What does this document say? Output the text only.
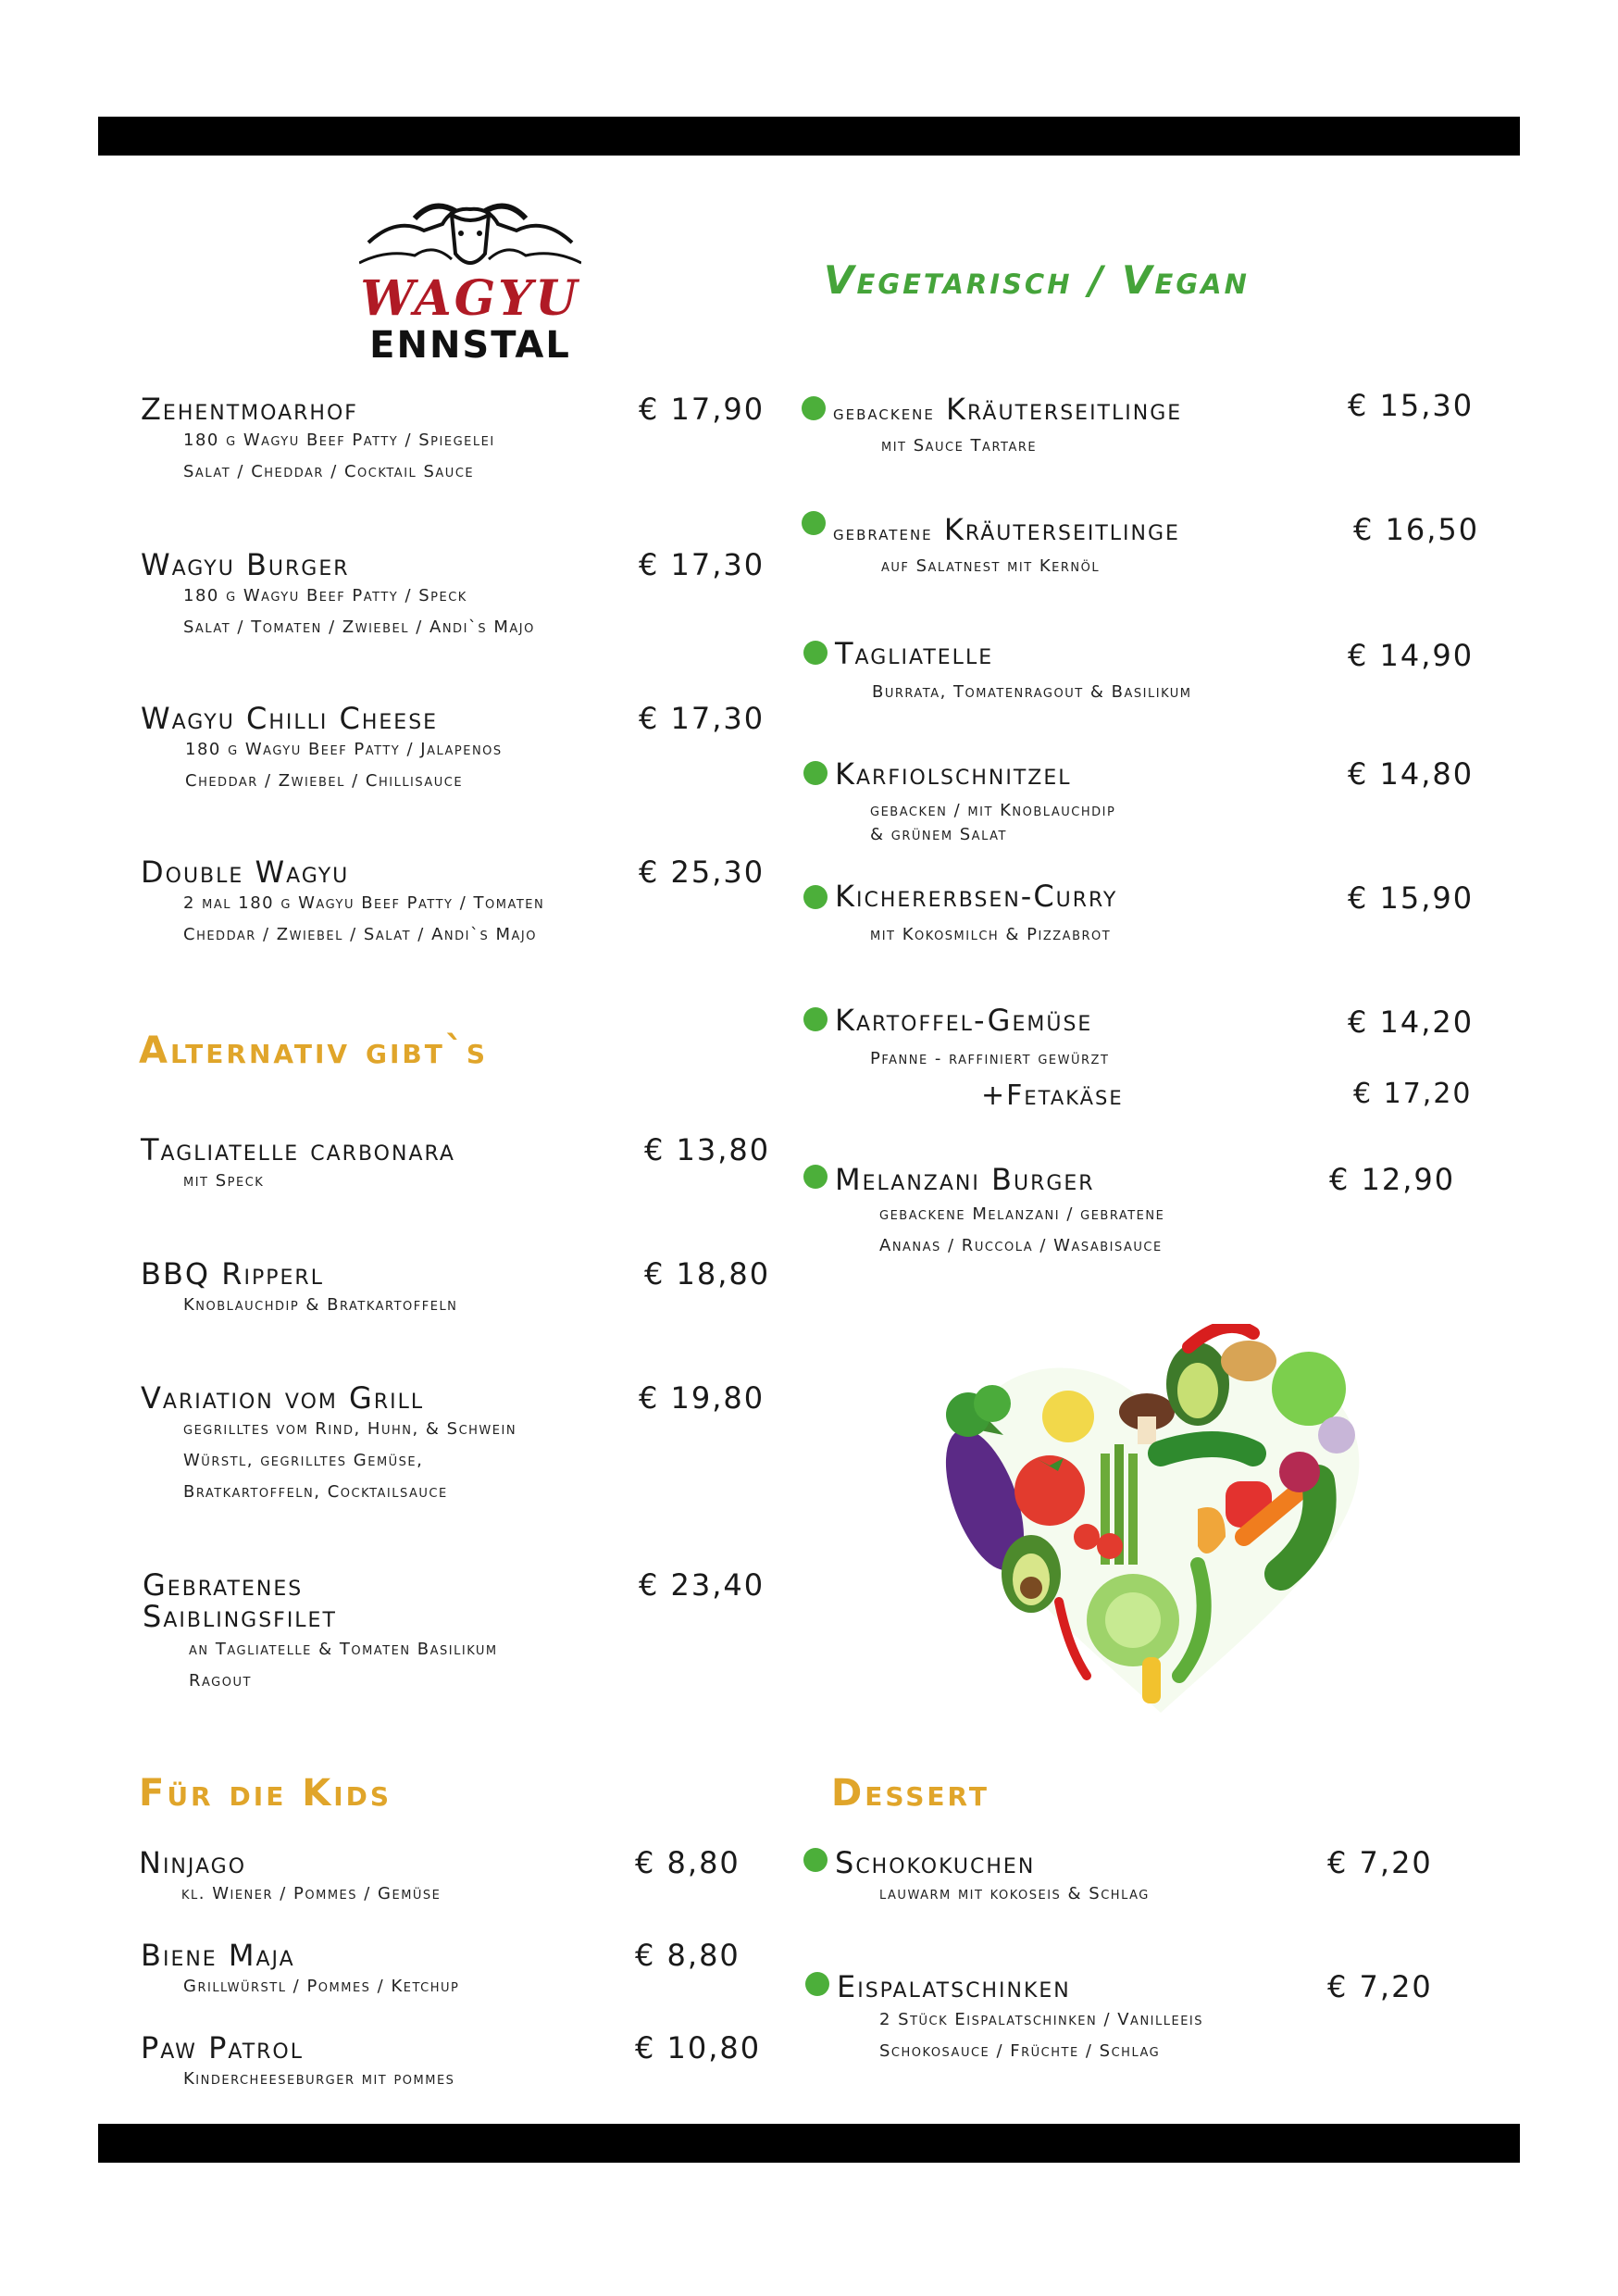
WAGYU
ENNSTAL
Vegetarisch / Vegan
Alternativ gibt`s
Für die Kids	Dessert
Zehentmoarhof	€ 17,90
180 g Wagyu Beef Patty / Spiegelei
Salat / Cheddar / Cocktail Sauce
Wagyu Burger	€ 17,30
180 g Wagyu Beef Patty / Speck
Salat / Tomaten / Zwiebel / Andi`s Majo
Wagyu Chilli Cheese	€ 17,30
180 g Wagyu Beef Patty / Jalapenos
Cheddar / Zwiebel / Chillisauce
Double Wagyu	€ 25,30
2 mal 180 g Wagyu Beef Patty / Tomaten
Cheddar / Zwiebel / Salat / Andi`s Majo
Tagliatelle carbonara	€ 13,80
mit Speck
BBQ Ripperl	€ 18,80
Knoblauchdip & Bratkartoffeln
Variation vom Grill	€ 19,80
gegrilltes vom Rind, Huhn, & Schwein
Würstl, gegrilltes Gemüse,
Bratkartoffeln, Cocktailsauce
Gebratenes
Saiblingsfilet
€ 23,40
an Tagliatelle & Tomaten Basilikum
Ragout
Ninjago	€ 8,80
kl. Wiener / Pommes / Gemüse
Biene Maja	€ 8,80
Grillwürstl / Pommes / Ketchup
Paw Patrol	€ 10,80
Kindercheeseburger mit pommes
gebackene Kräuterseitlinge	€ 15,30
mit Sauce Tartare
gebratene Kräuterseitlinge	€ 16,50
auf Salatnest mit Kernöl
Tagliatelle	€ 14,90
Burrata, Tomatenragout & Basilikum
Karfiolschnitzel	€ 14,80
gebacken / mit Knoblauchdip
& grünem Salat
Kichererbsen-Curry	€ 15,90
mit Kokosmilch & Pizzabrot
Kartoffel-Gemüse	€ 14,20
Pfanne - raffiniert gewürzt
+Fetakäse	€ 17,20
Melanzani Burger	€ 12,90
gebackene Melanzani / gebratene
Ananas / Ruccola / Wasabisauce
Schokokuchen	€ 7,20
lauwarm mit kokoseis & Schlag
Eispalatschinken	€ 7,20
2 Stück Eispalatschinken / Vanilleeis
Schokosauce / Früchte / Schlag
